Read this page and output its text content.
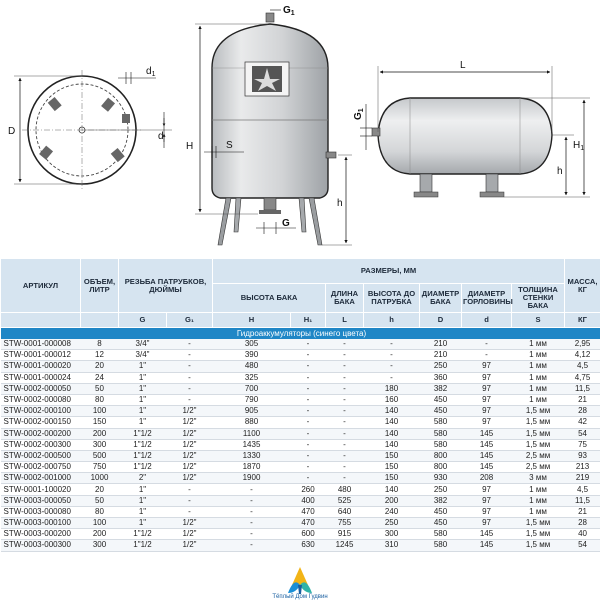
D
$d_1$
d
$G_1$
H	S
h
G
L
$G_1$
$H_1$
h
АРТИКУЛ	ОБЪЕМ, ЛИТР	РЕЗЬБА ПАТРУБКОВ, ДЮЙМЫ		РАЗМЕРЫ, ММ							МАССА, КГ
				ВЫСОТА БАКА		ДЛИНА БАКА	ВЫСОТА ДО ПАТРУБКА	ДИАМЕТР БАКА	ДИАМЕТР ГОРЛОВИНЫ	ТОЛЩИНА СТЕНКИ БАКА	
		G	G₁	H	H₁	L	h	D	d	S	КГ
Гидроаккумуляторы (синего цвета)											
STW-0001-000008	8	3/4"	-	305	-	-	-	210	-	1 мм	2,95
STW-0001-000012	12	3/4"	-	390	-	-	-	210	-	1 мм	4,12
STW-0001-000020	20	1"	-	480	-	-	-	250	97	1 мм	4,5
STW-0001-000024	24	1"	-	325	-	-	-	360	97	1 мм	4,75
STW-0002-000050	50	1"	-	700	-	-	180	382	97	1 мм	11,5
STW-0002-000080	80	1"	-	790	-	-	160	450	97	1 мм	21
STW-0002-000100	100	1"	1/2"	905	-	-	140	450	97	1,5 мм	28
STW-0002-000150	150	1"	1/2"	880	-	-	140	580	97	1,5 мм	42
STW-0002-000200	200	1"1/2	1/2"	1100	-	-	140	580	145	1,5 мм	54
STW-0002-000300	300	1"1/2	1/2"	1435	-	-	140	580	145	1,5 мм	75
STW-0002-000500	500	1"1/2	1/2"	1330	-	-	150	800	145	2,5 мм	93
STW-0002-000750	750	1"1/2	1/2"	1870	-	-	150	800	145	2,5 мм	213
STW-0002-001000	1000	2"	1/2"	1900	-	-	150	930	208	3 мм	219
STW-0001-100020	20	1"	-	-	260	480	140	250	97	1 мм	4,5
STW-0003-000050	50	1"	-	-	400	525	200	382	97	1 мм	11,5
STW-0003-000080	80	1"	-	-	470	640	240	450	97	1 мм	21
STW-0003-000100	100	1"	1/2"	-	470	755	250	450	97	1,5 мм	28
STW-0003-000200	200	1"1/2	1/2"	-	600	915	300	580	145	1,5 мм	40
STW-0003-000300	300	1"1/2	1/2"	-	630	1245	310	580	145	1,5 мм	54
Тёплый Дом Гудвин
